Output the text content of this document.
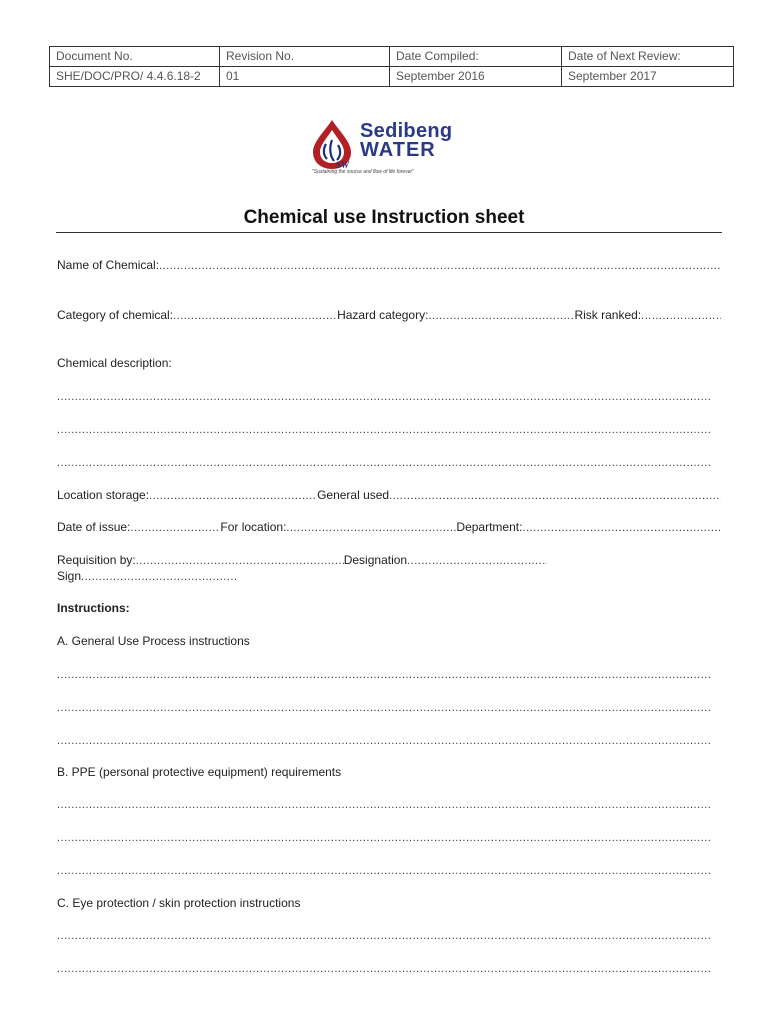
Document No.	Revision No.	Date Compiled:	Date of Next Review:
SHE/DOC/PRO/ 4.4.6.18-2	01	September 2016	September 2017
SW
Sedibeng
WATER
"Sustaining the source and flow of life forever"
Chemical use Instruction sheet
Name of Chemical:
.....
Category of chemical: .....	Hazard category: .....	Risk ranked:
.....
Chemical description:
.....
.....
.....
Location storage: .....	General used
.....
Date of issue: .....	For location: .....	Department:
.....
Requisition by: .....	Designation
.....
Sign
.....
Instructions:
A. General Use Process instructions
.....
.....
.....
B. PPE (personal protective equipment) requirements
.....
.....
.....
C. Eye protection / skin protection instructions
.....
.....
